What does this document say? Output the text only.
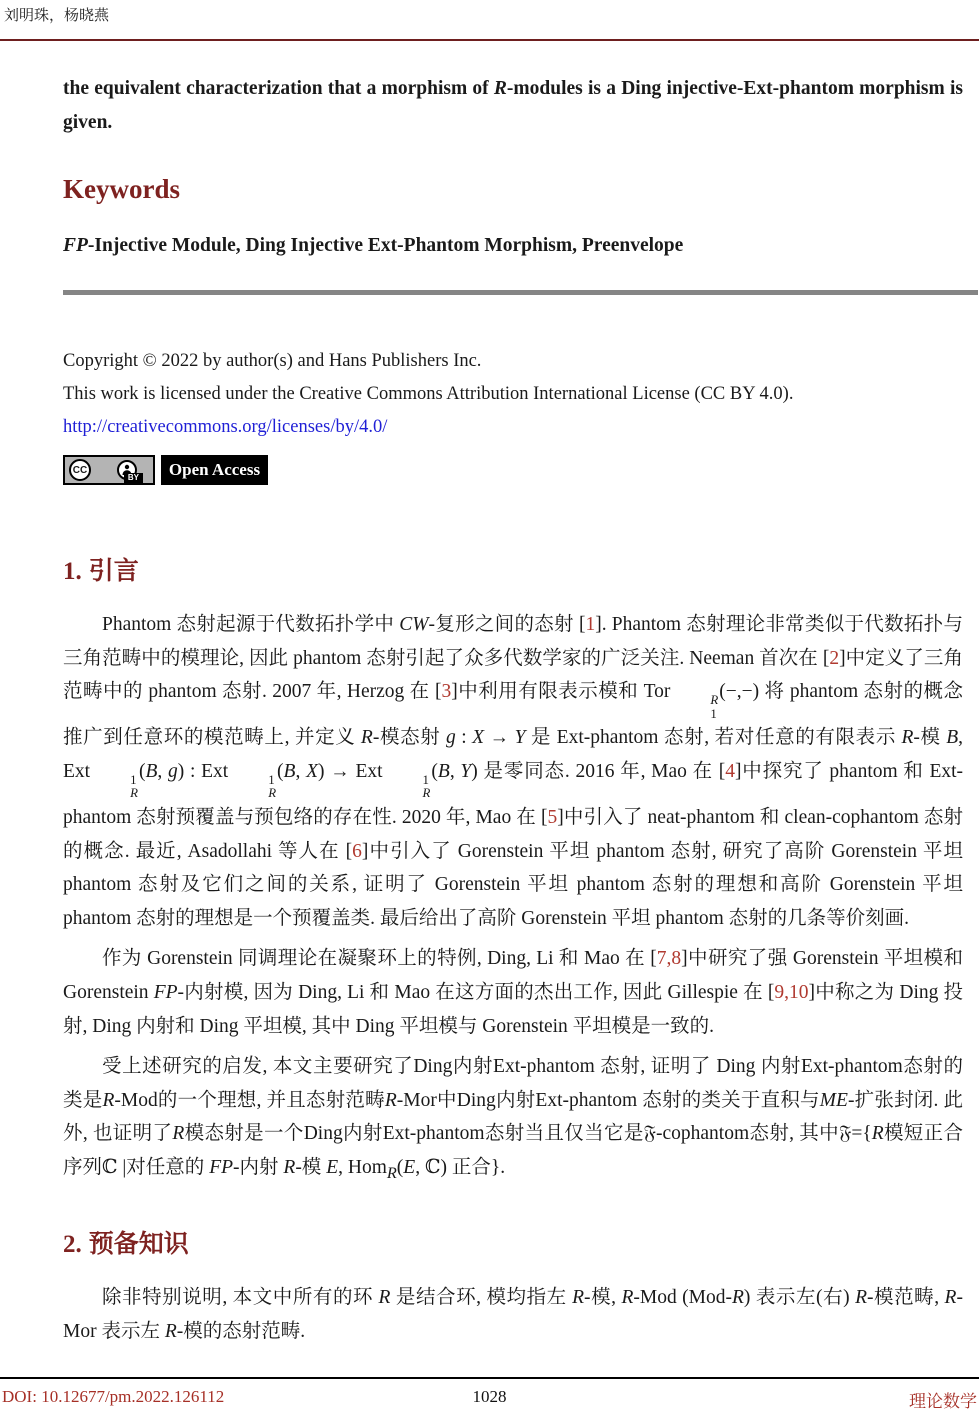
刘明珠，杨晓燕

the equivalent characterization that a morphism of R-modules is a Ding injective-Ext-phantom morphism is given.

Keywords

FP-Injective Module, Ding Injective Ext-Phantom Morphism, Preenvelope

Copyright © 2022 by author(s) and Hans Publishers Inc.

This work is licensed under the Creative Commons Attribution International License (CC BY 4.0).

http://creativecommons.org/licenses/by/4.0/

CC
BY Open Access
1. 引言

Phantom 态射起源于代数拓扑学中 CW-复形之间的态射 [1]. Phantom 态射理论非常类似于代数拓扑与三角范畴中的模理论, 因此 phantom 态射引起了众多代数学家的广泛关注. Neeman 首次在 [2]中定义了三角范畴中的 phantom 态射. 2007 年, Herzog 在 [3]中利用有限表示模和 Tor	R
1
(−,−) 将 phantom 态射的概念推广到任意环的模范畴上, 并定义 R-模态射 g : X → Y 是 Ext-phantom 态射, 若对任意的有限表示 R-模 B, Ext	1
R
(B, g) : Ext	1
R
(B, X) → Ext	1
R
(B, Y) 是零同态. 2016 年, Mao 在 [4]中探究了 phantom 和 Ext-phantom 态射预覆盖与预包络的存在性. 2020 年, Mao 在 [5]中引入了 neat-phantom 和 clean-cophantom 态射的概念. 最近, Asadollahi 等人在 [6]中引入了 Gorenstein 平坦 phantom 态射, 研究了高阶 Gorenstein 平坦 phantom 态射及它们之间的关系, 证明了 Gorenstein 平坦 phantom 态射的理想和高阶 Gorenstein 平坦 phantom 态射的理想是一个预覆盖类. 最后给出了高阶 Gorenstein 平坦 phantom 态射的几条等价刻画.

作为 Gorenstein 同调理论在凝聚环上的特例, Ding, Li 和 Mao 在 [7,8]中研究了强 Gorenstein 平坦模和 Gorenstein FP-内射模, 因为 Ding, Li 和 Mao 在这方面的杰出工作, 因此 Gillespie 在 [9,10]中称之为 Ding 投射, Ding 内射和 Ding 平坦模, 其中 Ding 平坦模与 Gorenstein 平坦模是一致的.

受上述研究的启发, 本文主要研究了Ding内射Ext-phantom 态射, 证明了 Ding 内射Ext-phantom态射的类是R-Mod的一个理想, 并且态射范畴R-Mor中Ding内射Ext-phantom 态射的类关于直积与ME-扩张封闭. 此外, 也证明了R模态射是一个Ding内射Ext-phantom态射当且仅当它是𝔉-cophantom态射, 其中𝔉={R模短正合序列ℂ |对任意的 FP-内射 R-模 E, Hom$_R$(E, ℂ) 正合}.

2. 预备知识

除非特别说明, 本文中所有的环 R 是结合环, 模均指左 R-模, R-Mod (Mod-R) 表示左(右) R-模范畴, R-Mor 表示左 R-模的态射范畴.

DOI: 10.12677/pm.2022.126112	1028	理论数学
